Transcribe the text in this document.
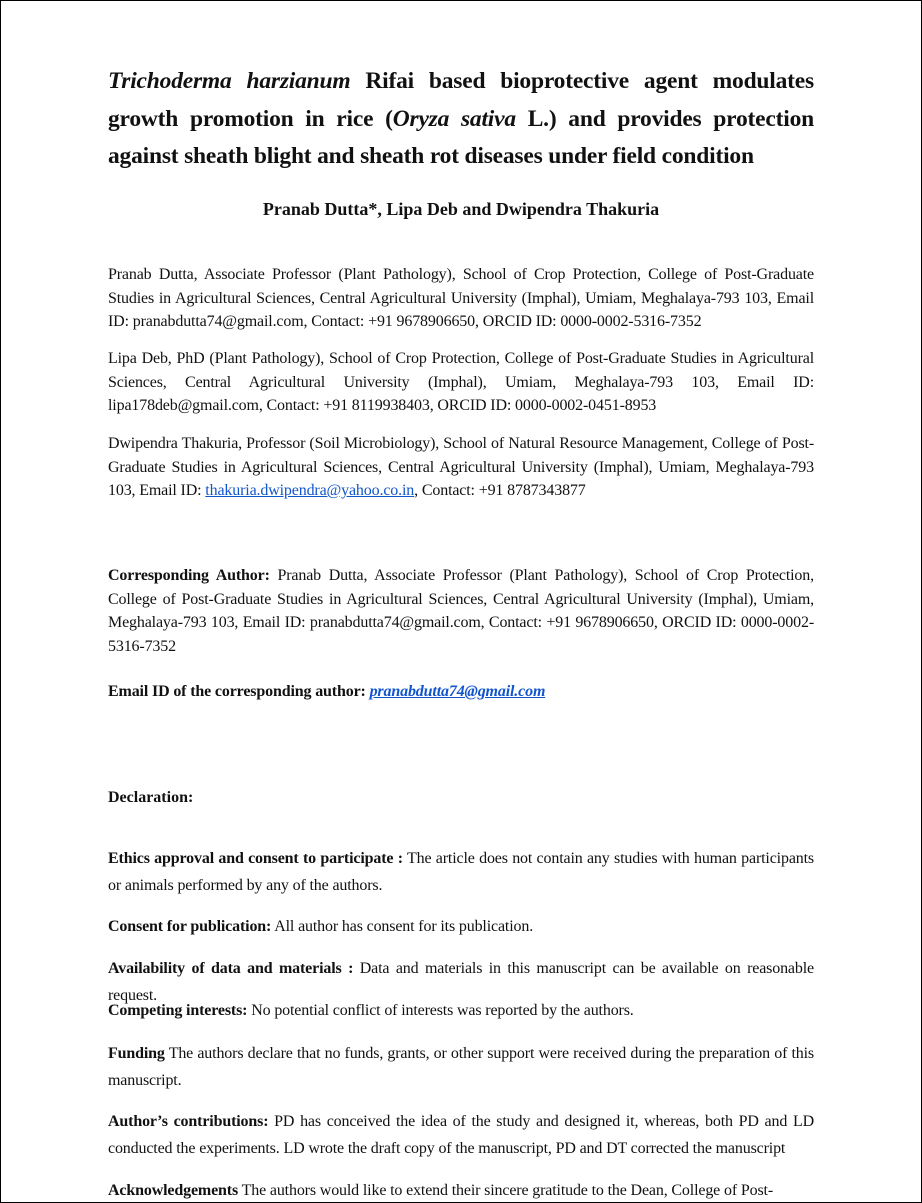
Trichoderma harzianum Rifai based bioprotective agent modulates growth promotion in rice (Oryza sativa L.) and provides protection against sheath blight and sheath rot diseases under field condition

Pranab Dutta*, Lipa Deb and Dwipendra Thakuria

Pranab Dutta, Associate Professor (Plant Pathology), School of Crop Protection, College of Post-Graduate Studies in Agricultural Sciences, Central Agricultural University (Imphal), Umiam, Meghalaya-793 103, Email ID: pranabdutta74@gmail.com, Contact: +91 9678906650, ORCID ID: 0000-0002-5316-7352

Lipa Deb, PhD (Plant Pathology), School of Crop Protection, College of Post-Graduate Studies in Agricultural Sciences, Central Agricultural University (Imphal), Umiam, Meghalaya-793 103, Email ID: lipa178deb@gmail.com, Contact: +91 8119938403, ORCID ID: 0000-0002-0451-8953

Dwipendra Thakuria, Professor (Soil Microbiology), School of Natural Resource Management, College of Post-Graduate Studies in Agricultural Sciences, Central Agricultural University (Imphal), Umiam, Meghalaya-793 103, Email ID: thakuria.dwipendra@yahoo.co.in, Contact: +91 8787343877

Corresponding Author: Pranab Dutta, Associate Professor (Plant Pathology), School of Crop Protection, College of Post-Graduate Studies in Agricultural Sciences, Central Agricultural University (Imphal), Umiam, Meghalaya-793 103, Email ID: pranabdutta74@gmail.com, Contact: +91 9678906650, ORCID ID: 0000-0002-5316-7352

Email ID of the corresponding author: pranabdutta74@gmail.com

Declaration:

Ethics approval and consent to participate : The article does not contain any studies with human participants or animals performed by any of the authors.

Consent for publication: All author has consent for its publication.

Availability of data and materials : Data and materials in this manuscript can be available on reasonable request.

Competing interests: No potential conflict of interests was reported by the authors.

Funding The authors declare that no funds, grants, or other support were received during the preparation of this manuscript.

Author’s contributions: PD has conceived the idea of the study and designed it, whereas, both PD and LD conducted the experiments. LD wrote the draft copy of the manuscript, PD and DT corrected the manuscript

Acknowledgements The authors would like to extend their sincere gratitude to the Dean, College of Post-
